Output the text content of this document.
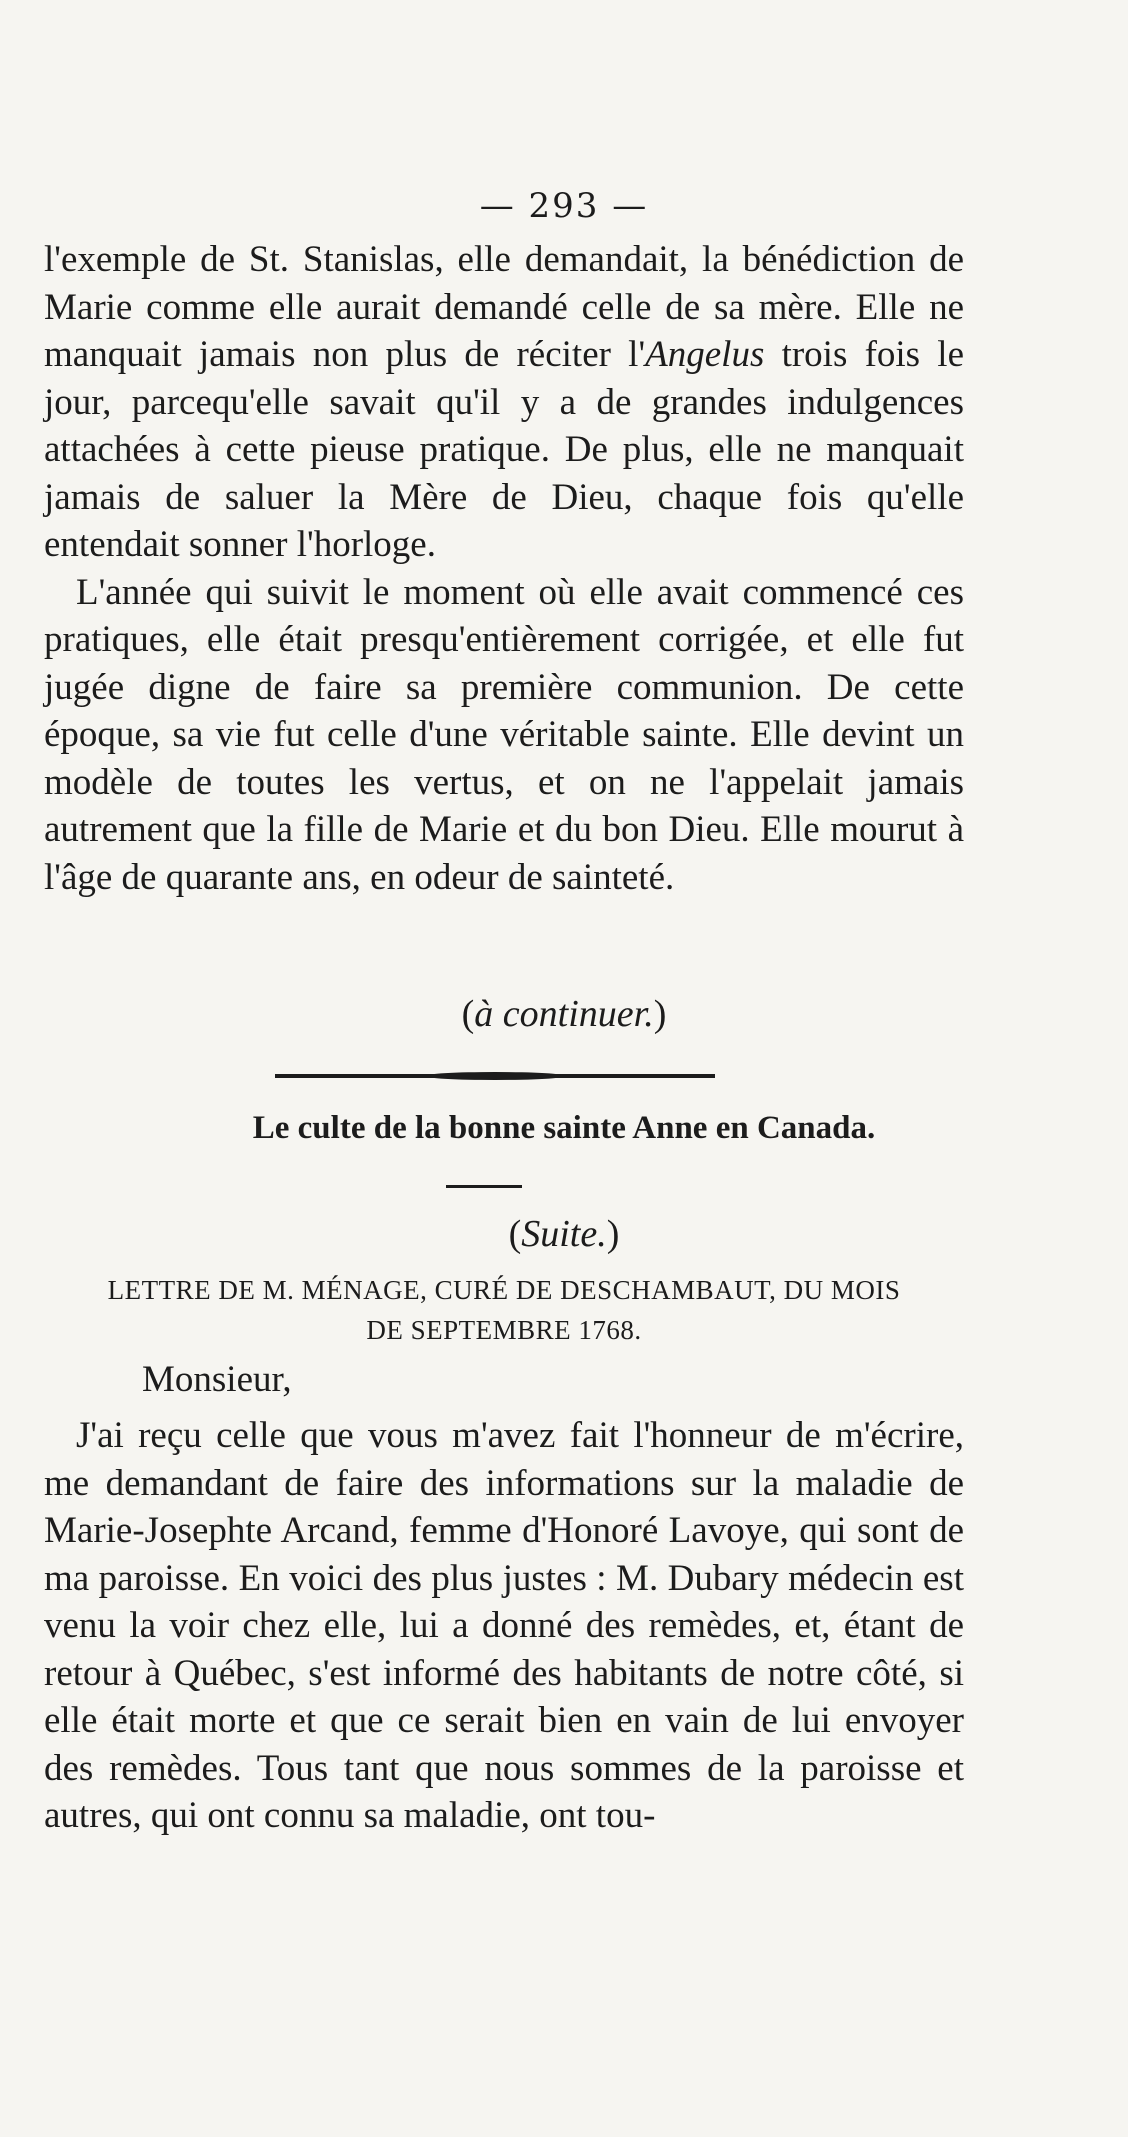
— 293 —

l'exemple de St. Stanislas, elle demandait, la bénédiction de Marie comme elle aurait demandé celle de sa mère. Elle ne manquait jamais non plus de réciter l'Angelus trois fois le jour, parcequ'elle savait qu'il y a de grandes indulgences attachées à cette pieuse pratique. De plus, elle ne manquait jamais de saluer la Mère de Dieu, chaque fois qu'elle entendait sonner l'horloge.

L'année qui suivit le moment où elle avait commencé ces pratiques, elle était presqu'entièrement corrigée, et elle fut jugée digne de faire sa première communion. De cette époque, sa vie fut celle d'une véritable sainte. Elle devint un modèle de toutes les vertus, et on ne l'appelait jamais autrement que la fille de Marie et du bon Dieu. Elle mourut à l'âge de quarante ans, en odeur de sainteté.

(à continuer.)
Le culte de la bonne sainte Anne en Canada.
(Suite.)
LETTRE DE M. MÉNAGE, CURÉ DE DESCHAMBAUT, DU MOIS
DE SEPTEMBRE 1768.
Monsieur,

J'ai reçu celle que vous m'avez fait l'honneur de m'écrire, me demandant de faire des informations sur la maladie de Marie-Josephte Arcand, femme d'Honoré Lavoye, qui sont de ma paroisse. En voici des plus justes : M. Dubary médecin est venu la voir chez elle, lui a donné des remèdes, et, étant de retour à Québec, s'est informé des habitants de notre côté, si elle était morte et que ce serait bien en vain de lui envoyer des remèdes. Tous tant que nous sommes de la paroisse et autres, qui ont connu sa maladie, ont tou-
